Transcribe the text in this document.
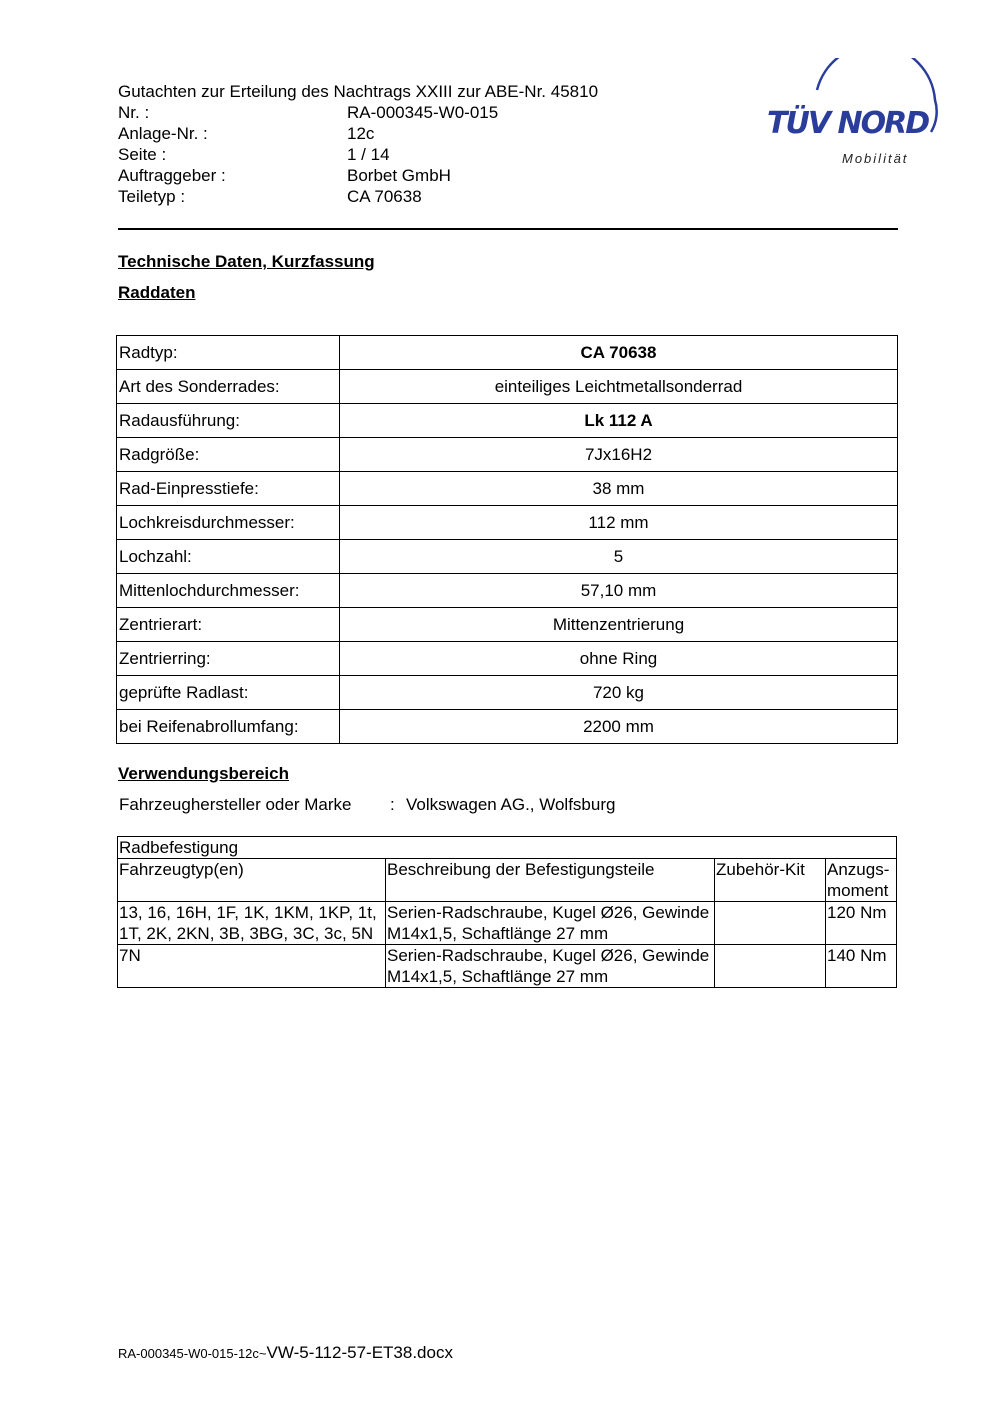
Gutachten zur Erteilung des Nachtrags XXIII zur ABE-Nr. 45810
Nr. :	RA-000345-W0-015
Anlage-Nr. :	12c
Seite :	1 / 14
Auftraggeber :	Borbet GmbH
Teiletyp :	CA 70638
TÜV NORD
Mobilität
Technische Daten, Kurzfassung
Raddaten
Radtyp:	CA 70638
Art des Sonderrades:	einteiliges Leichtmetallsonderrad
Radausführung:	Lk 112 A
Radgröße:	7Jx16H2
Rad-Einpresstiefe:	38 mm
Lochkreisdurchmesser:	112 mm
Lochzahl:	5
Mittenlochdurchmesser:	57,10 mm
Zentrierart:	Mittenzentrierung
Zentrierring:	ohne Ring
geprüfte Radlast:	720 kg
bei Reifenabrollumfang:	2200 mm
Verwendungsbereich
Fahrzeughersteller oder Marke	: Volkswagen AG., Wolfsburg
Radbefestigung			
Fahrzeugtyp(en)	Beschreibung der Befestigungsteile	Zubehör-Kit	Anzugs-moment
13, 16, 16H, 1F, 1K, 1KM, 1KP, 1t, 1T, 2K, 2KN, 3B, 3BG, 3C, 3c, 5N	Serien-Radschraube, Kugel Ø26, Gewinde M14x1,5, Schaftlänge 27 mm		120 Nm
7N	Serien-Radschraube, Kugel Ø26, Gewinde M14x1,5, Schaftlänge 27 mm		140 Nm
RA-000345-W0-015-12c~VW-5-112-57-ET38.docx
